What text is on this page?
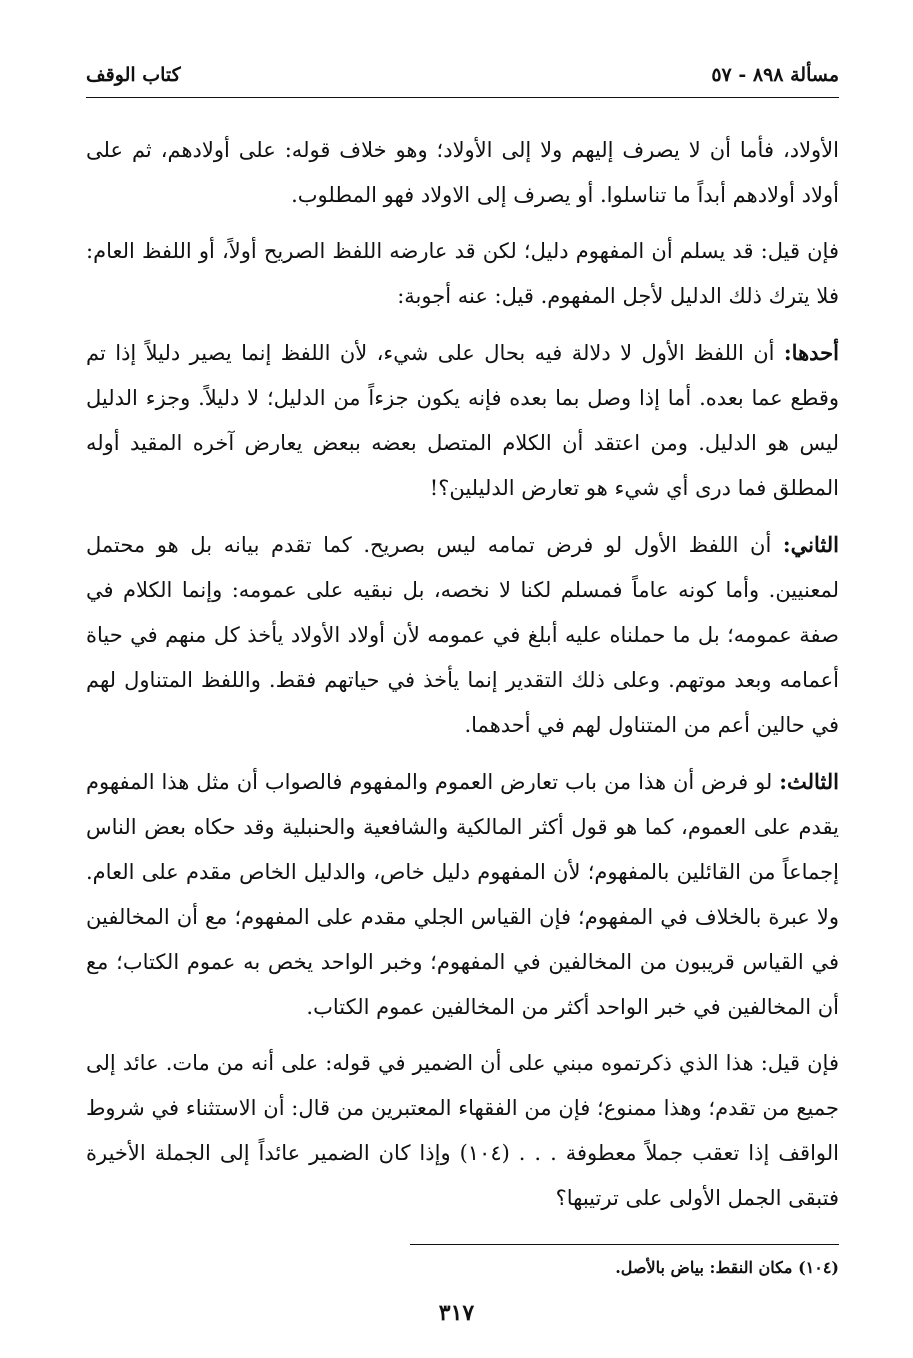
مسألة ٨٩٨ - ٥٧
كتاب الوقف

الأولاد، فأما أن لا يصرف إليهم ولا إلى الأولاد؛ وهو خلاف قوله: على أولادهم، ثم على أولاد أولادهم أبداً ما تناسلوا. أو يصرف إلى الاولاد فهو المطلوب.

فإن قيل: قد يسلم أن المفهوم دليل؛ لكن قد عارضه اللفظ الصريح أولاً، أو اللفظ العام: فلا يترك ذلك الدليل لأجل المفهوم. قيل: عنه أجوبة:

أحدها: أن اللفظ الأول لا دلالة فيه بحال على شيء، لأن اللفظ إنما يصير دليلاً إذا تم وقطع عما بعده. أما إذا وصل بما بعده فإنه يكون جزءاً من الدليل؛ لا دليلاً. وجزء الدليل ليس هو الدليل. ومن اعتقد أن الكلام المتصل بعضه ببعض يعارض آخره المقيد أوله المطلق فما درى أي شيء هو تعارض الدليلين؟!

الثاني: أن اللفظ الأول لو فرض تمامه ليس بصريح. كما تقدم بيانه بل هو محتمل لمعنيين. وأما كونه عاماً فمسلم لكنا لا نخصه، بل نبقيه على عمومه: وإنما الكلام في صفة عمومه؛ بل ما حملناه عليه أبلغ في عمومه لأن أولاد الأولاد يأخذ كل منهم في حياة أعمامه وبعد موتهم. وعلى ذلك التقدير إنما يأخذ في حياتهم فقط. واللفظ المتناول لهم في حالين أعم من المتناول لهم في أحدهما.

الثالث: لو فرض أن هذا من باب تعارض العموم والمفهوم فالصواب أن مثل هذا المفهوم يقدم على العموم، كما هو قول أكثر المالكية والشافعية والحنبلية وقد حكاه بعض الناس إجماعاً من القائلين بالمفهوم؛ لأن المفهوم دليل خاص، والدليل الخاص مقدم على العام. ولا عبرة بالخلاف في المفهوم؛ فإن القياس الجلي مقدم على المفهوم؛ مع أن المخالفين في القياس قريبون من المخالفين في المفهوم؛ وخبر الواحد يخص به عموم الكتاب؛ مع أن المخالفين في خبر الواحد أكثر من المخالفين عموم الكتاب.

فإن قيل: هذا الذي ذكرتموه مبني على أن الضمير في قوله: على أنه من مات. عائد إلى جميع من تقدم؛ وهذا ممنوع؛ فإن من الفقهاء المعتبرين من قال: أن الاستثناء في شروط الواقف إذا تعقب جملاً معطوفة . . . (١٠٤) وإذا كان الضمير عائداً إلى الجملة الأخيرة فتبقى الجمل الأولى على ترتيبها؟

(١٠٤) مكان النقط: بياض بالأصل.
٣١٧
